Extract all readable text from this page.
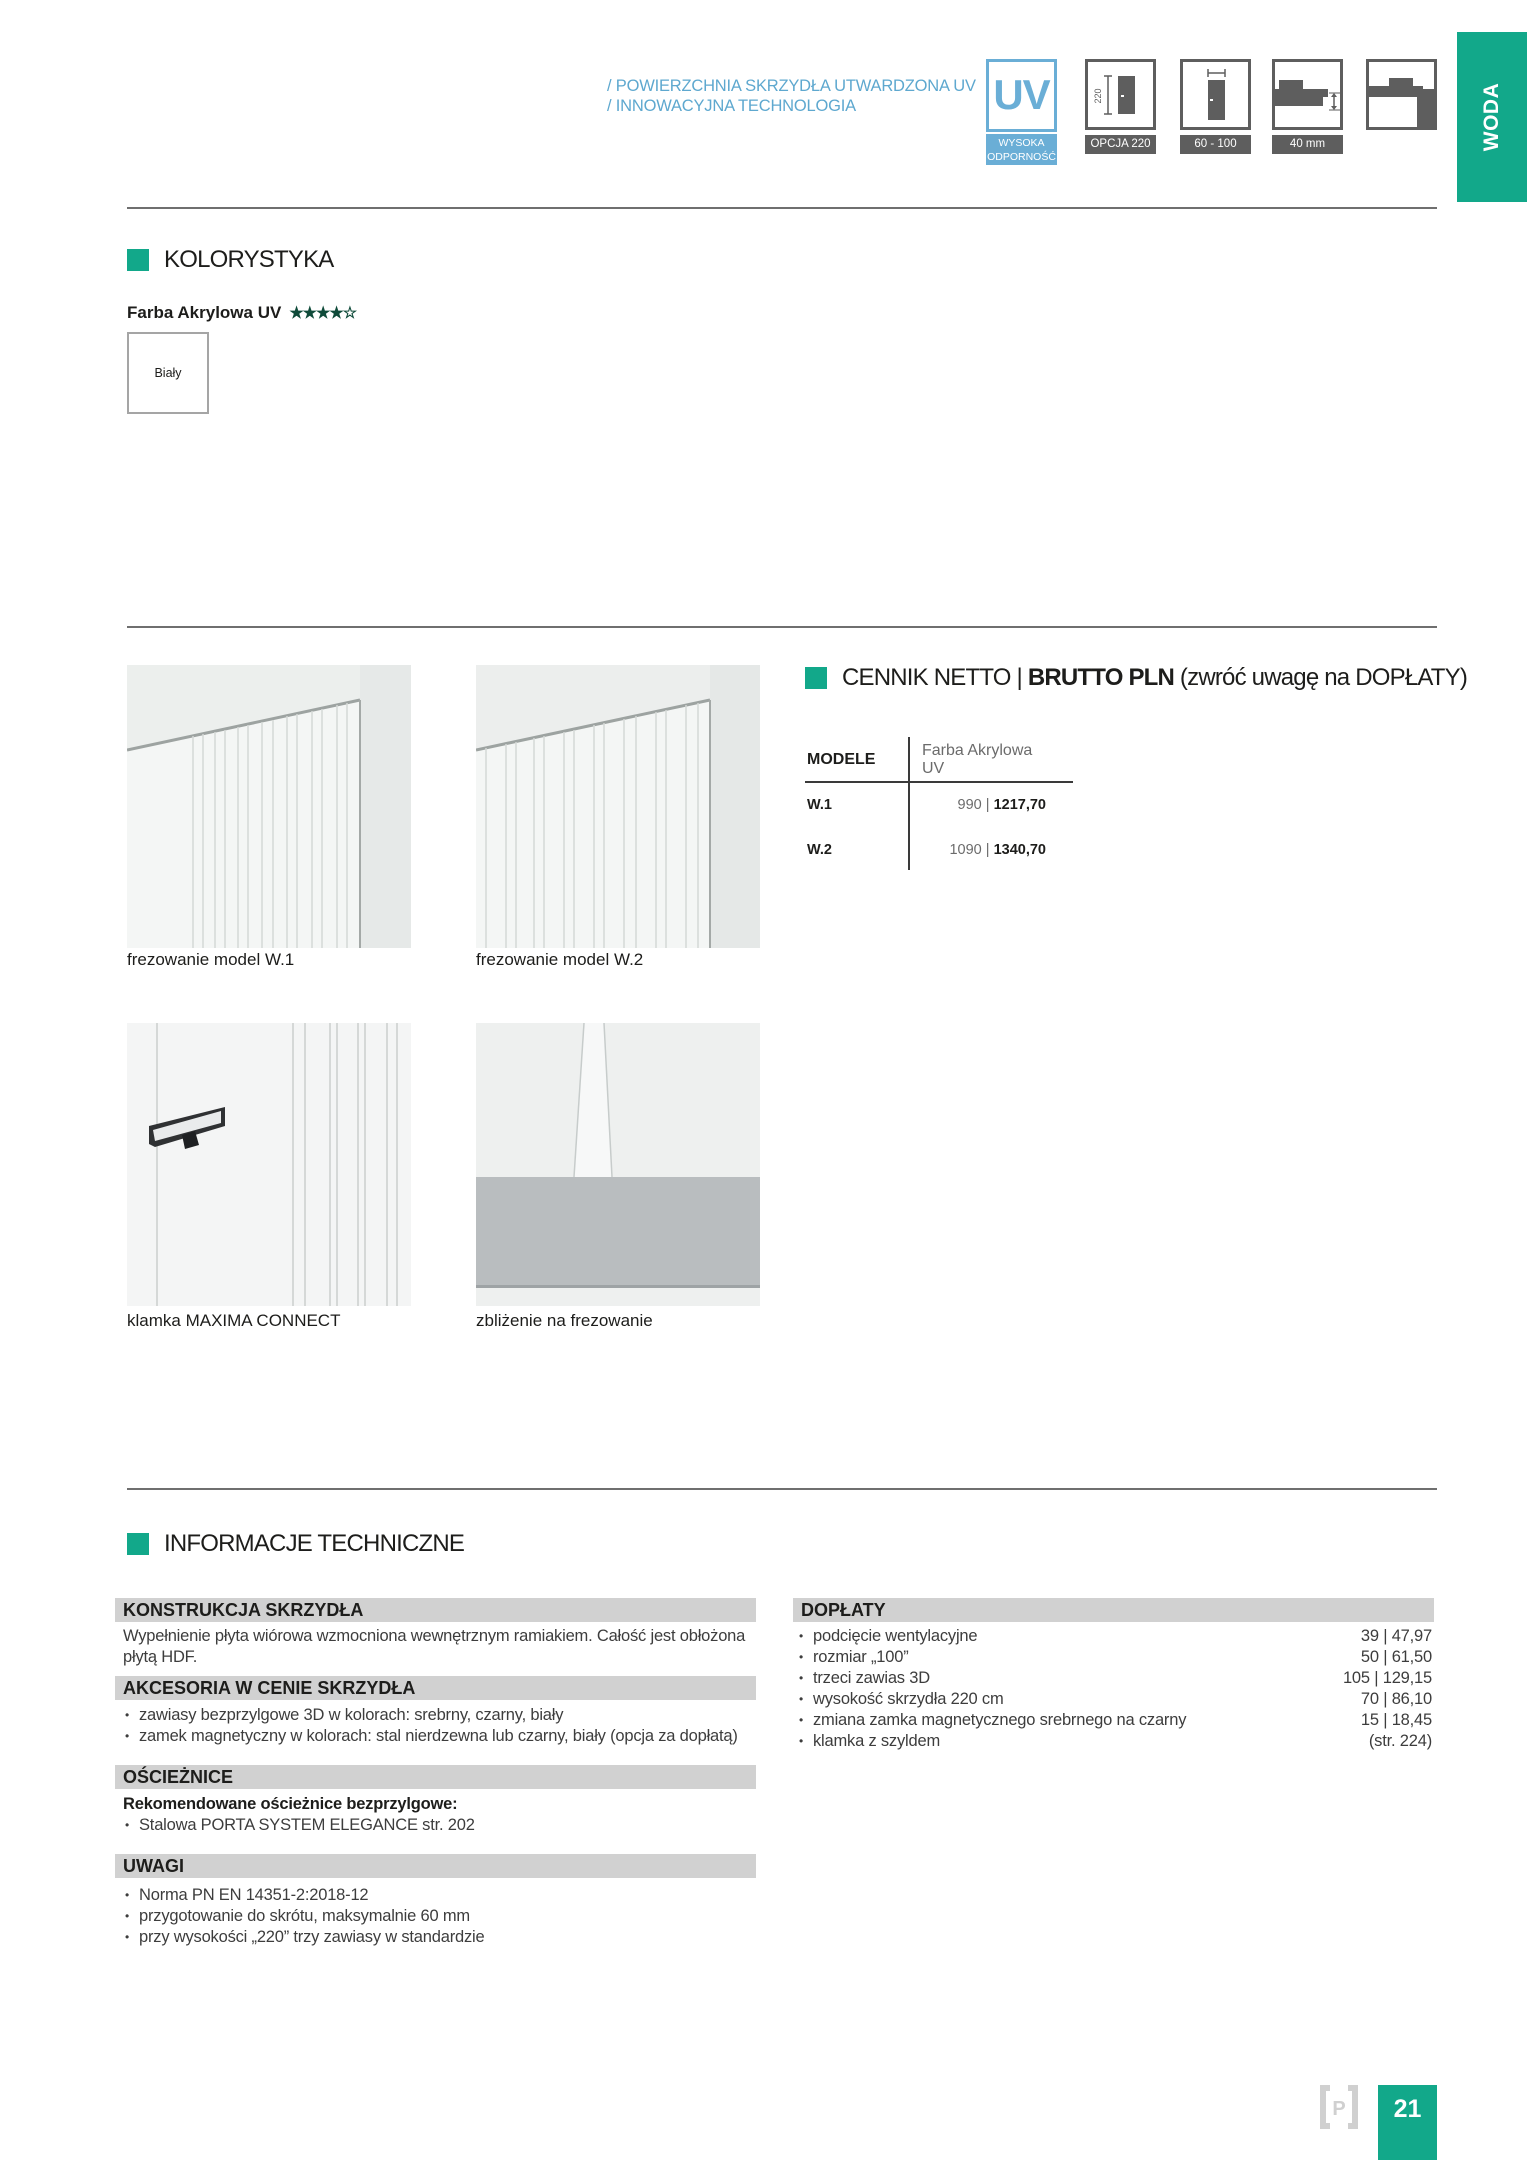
/ POWIERZCHNIA SKRZYDŁA UTWARDZONA UV
/ INNOWACYJNA TECHNOLOGIA	UV
WYSOKA
ODPORNOŚĆ
220
OPCJA 220	60 - 100	40 mm	WODA
KOLORYSTYKA
Farba Akrylowa UV ★★★★☆
Biały
frezowanie model W.1	frezowanie model W.2
klamka MAXIMA CONNECT	zbliżenie na frezowanie
CENNIK NETTO | BRUTTO PLN (zwróć uwagę na DOPŁATY)
MODELE
Farba Akrylowa UV
W.1	990 | 1217,70
W.2	1090 | 1340,70
INFORMACJE TECHNICZNE
KONSTRUKCJA SKRZYDŁA
Wypełnienie płyta wiórowa wzmocniona wewnętrznym ramiakiem. Całość jest obłożona płytą HDF.
AKCESORIA W CENIE SKRZYDŁA
• zawiasy bezprzylgowe 3D w kolorach: srebrny, czarny, biały
• zamek magnetyczny w kolorach: stal nierdzewna lub czarny, biały (opcja za dopłatą)
OŚCIEŻNICE
Rekomendowane ościeżnice bezprzylgowe:
• Stalowa PORTA SYSTEM ELEGANCE str. 202
UWAGI
• Norma PN EN 14351-2:2018-12
• przygotowanie do skrótu, maksymalnie 60 mm
• przy wysokości „220” trzy zawiasy w standardzie
DOPŁATY
• podcięcie wentylacyjne	39 | 47,97
• rozmiar „100”	50 | 61,50
• trzeci zawias 3D	105 | 129,15
• wysokość skrzydła 220 cm	70 | 86,10
• zmiana zamka magnetycznego srebrnego na czarny	15 | 18,45
• klamka z szyldem	(str. 224)
P	21
